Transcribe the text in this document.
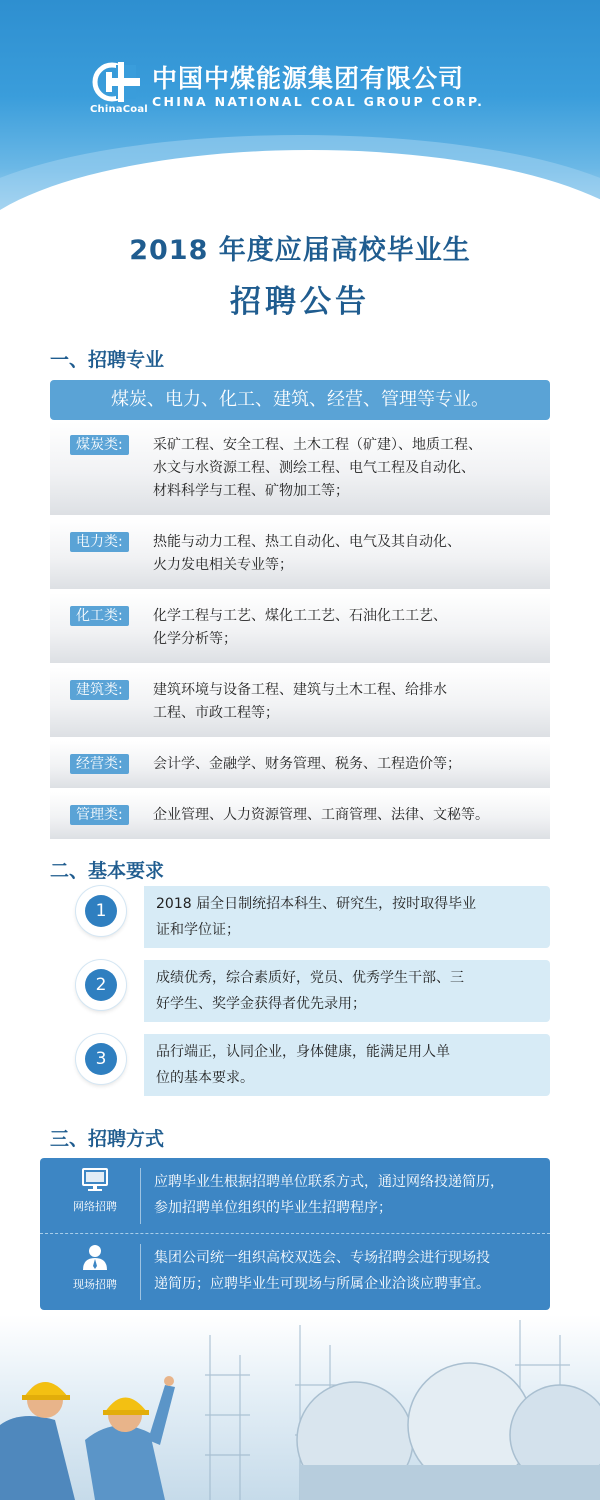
中国中煤能源集团有限公司
CHINA NATIONAL COAL GROUP CORP.
ChinaCoal
2018 年度应届高校毕业生
招聘公告
一、招聘专业
煤炭、电力、化工、建筑、经营、管理等专业。
煤炭类:	采矿工程、安全工程、土木工程（矿建）、地质工程、
水文与水资源工程、测绘工程、电气工程及自动化、
材料科学与工程、矿物加工等；
电力类:	热能与动力工程、热工自动化、电气及其自动化、
火力发电相关专业等；
化工类:	化学工程与工艺、煤化工工艺、石油化工工艺、
化学分析等；
建筑类:	建筑环境与设备工程、建筑与土木工程、给排水
工程、市政工程等；
经营类:	会计学、金融学、财务管理、税务、工程造价等；
管理类:	企业管理、人力资源管理、工商管理、法律、文秘等。
二、基本要求
1	2018 届全日制统招本科生、研究生，按时取得毕业
证和学位证；
2	成绩优秀，综合素质好，党员、优秀学生干部、三
好学生、奖学金获得者优先录用；
3	品行端正，认同企业，身体健康，能满足用人单
位的基本要求。
三、招聘方式
网络招聘
应聘毕业生根据招聘单位联系方式，通过网络投递简历，
参加招聘单位组织的毕业生招聘程序；
现场招聘
集团公司统一组织高校双选会、专场招聘会进行现场投
递简历；应聘毕业生可现场与所属企业洽谈应聘事宜。
